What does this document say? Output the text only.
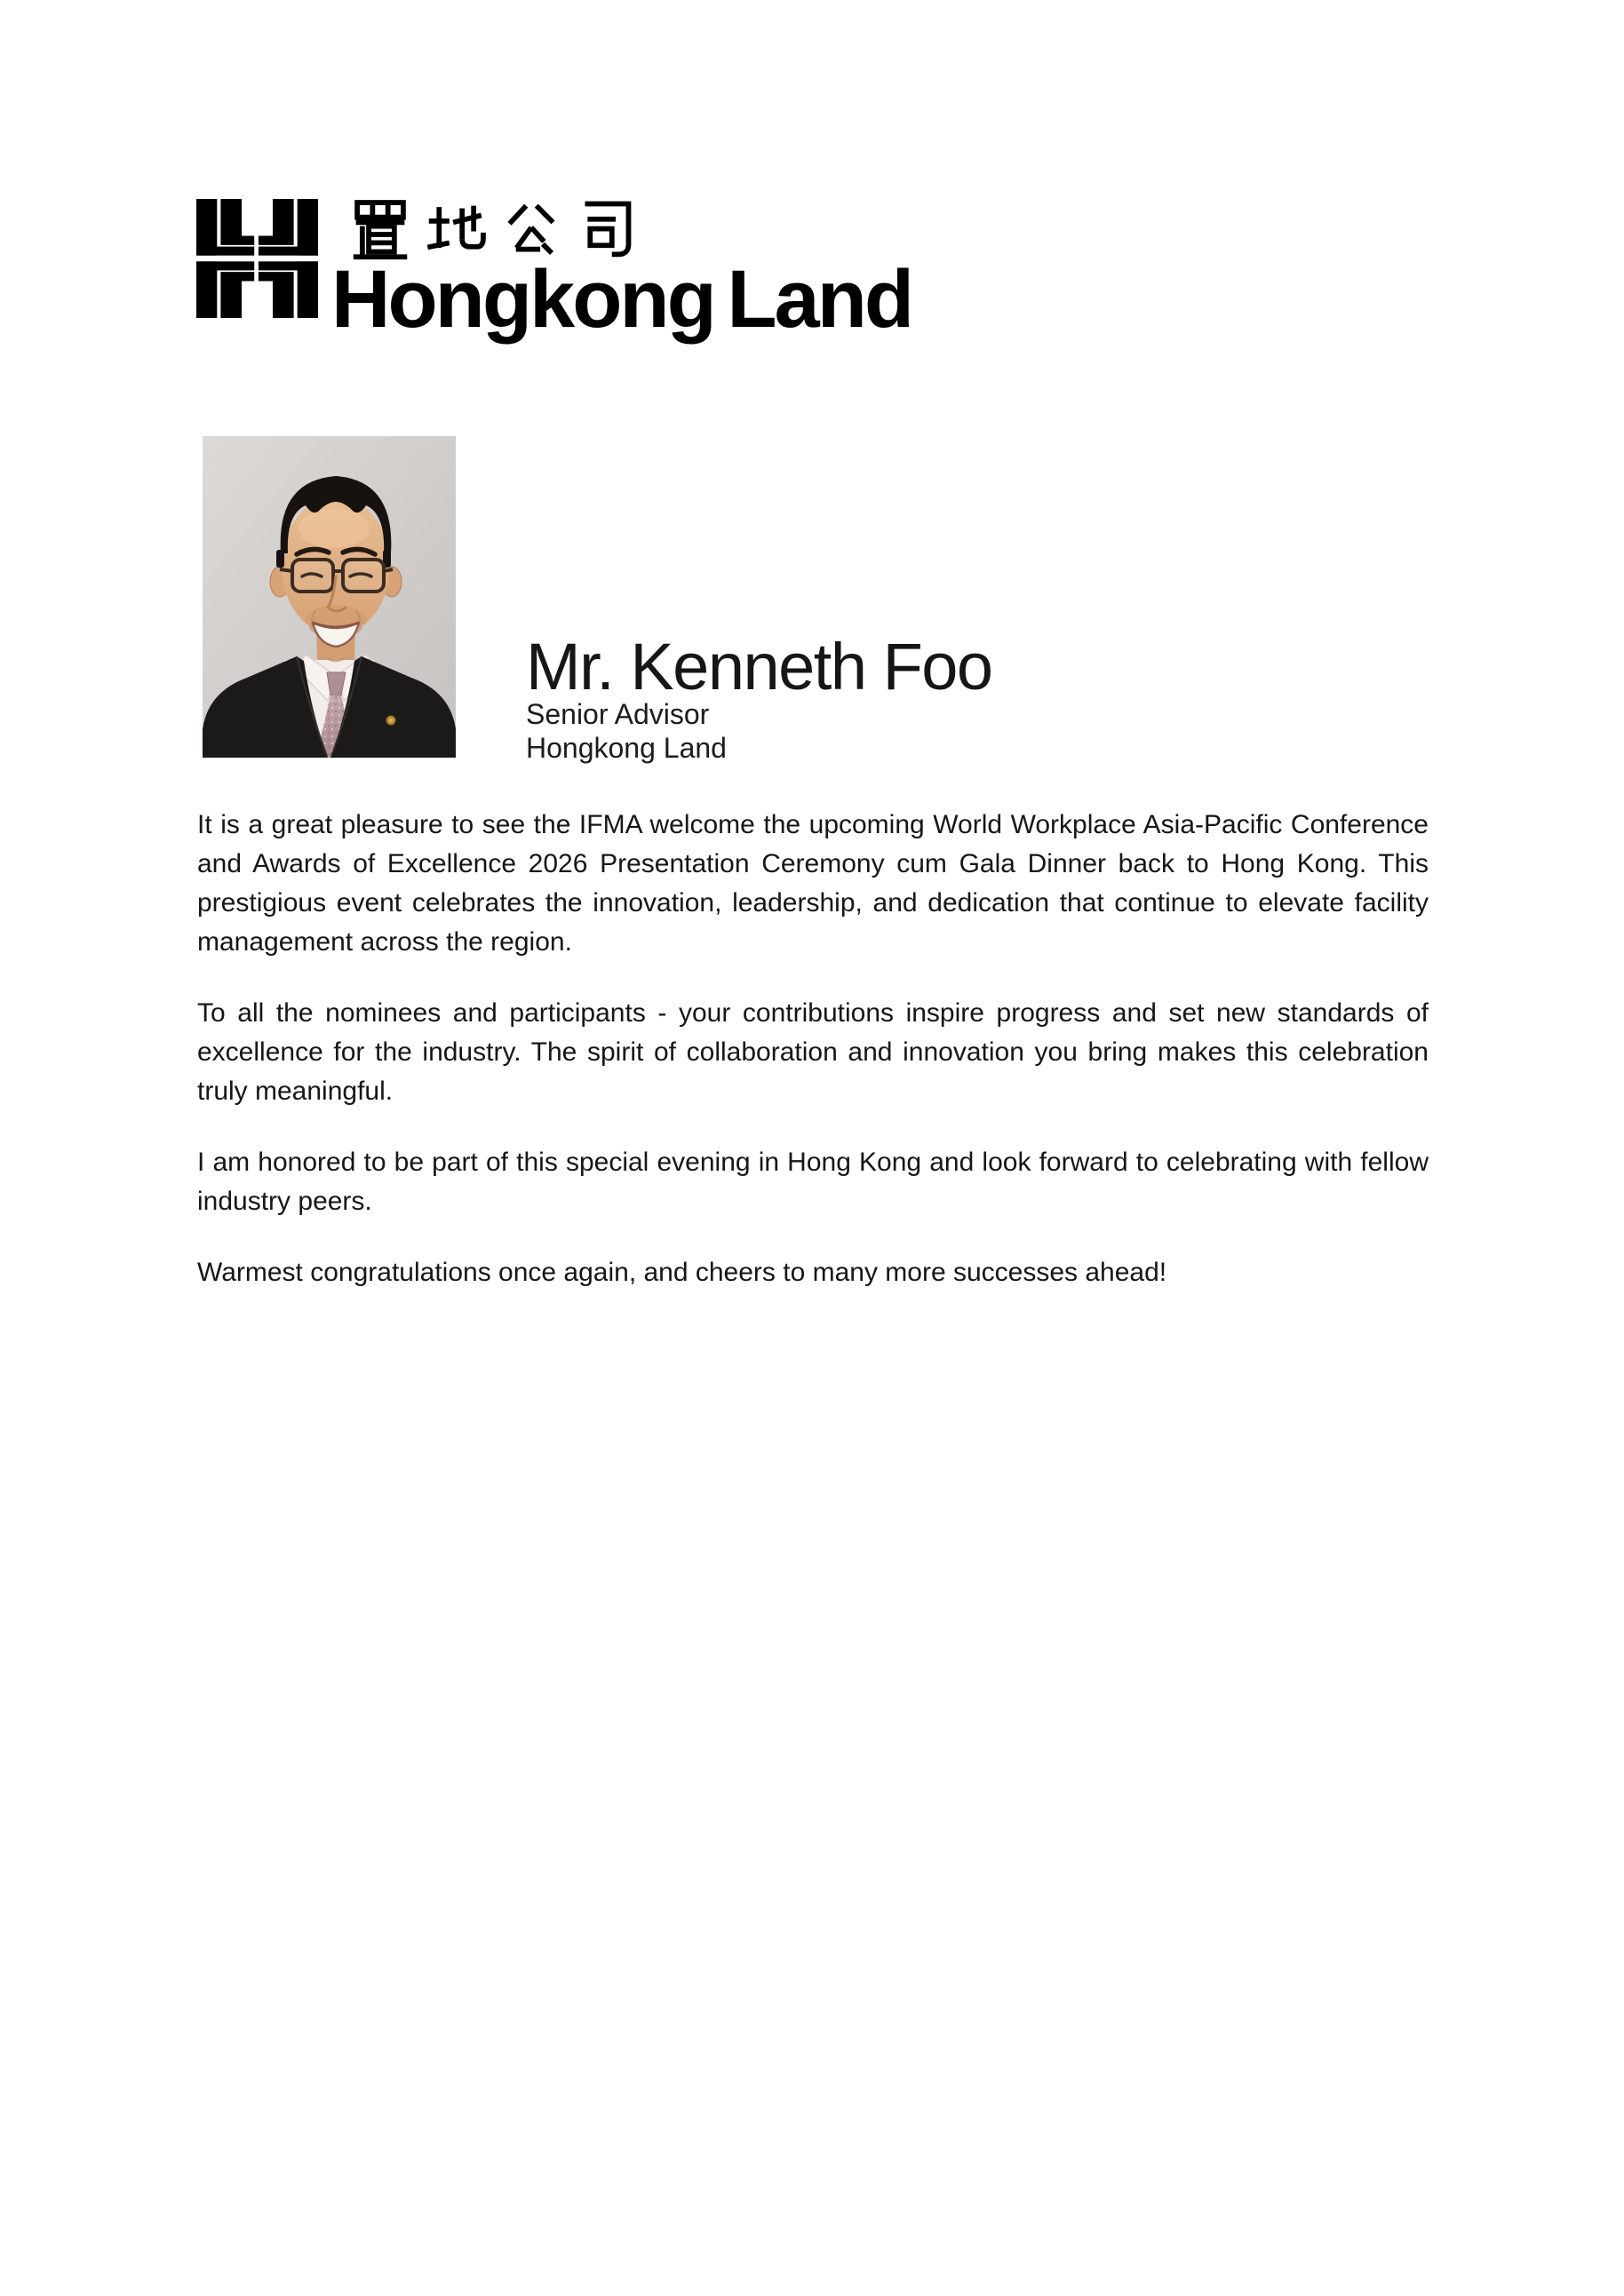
Hongkong Land
Mr. Kenneth Foo
Senior Advisor
Hongkong Land

It is a great pleasure to see the IFMA welcome the upcoming World Workplace Asia-Pacific Conference and Awards of Excellence 2026 Presentation Ceremony cum Gala Dinner back to Hong Kong. This prestigious event celebrates the innovation, leadership, and dedication that continue to elevate facility management across the region.

To all the nominees and participants - your contributions inspire progress and set new standards of excellence for the industry. The spirit of collaboration and innovation you bring makes this celebration truly meaningful.

I am honored to be part of this special evening in Hong Kong and look forward to celebrating with fellow industry peers.

Warmest congratulations once again, and cheers to many more successes ahead!
